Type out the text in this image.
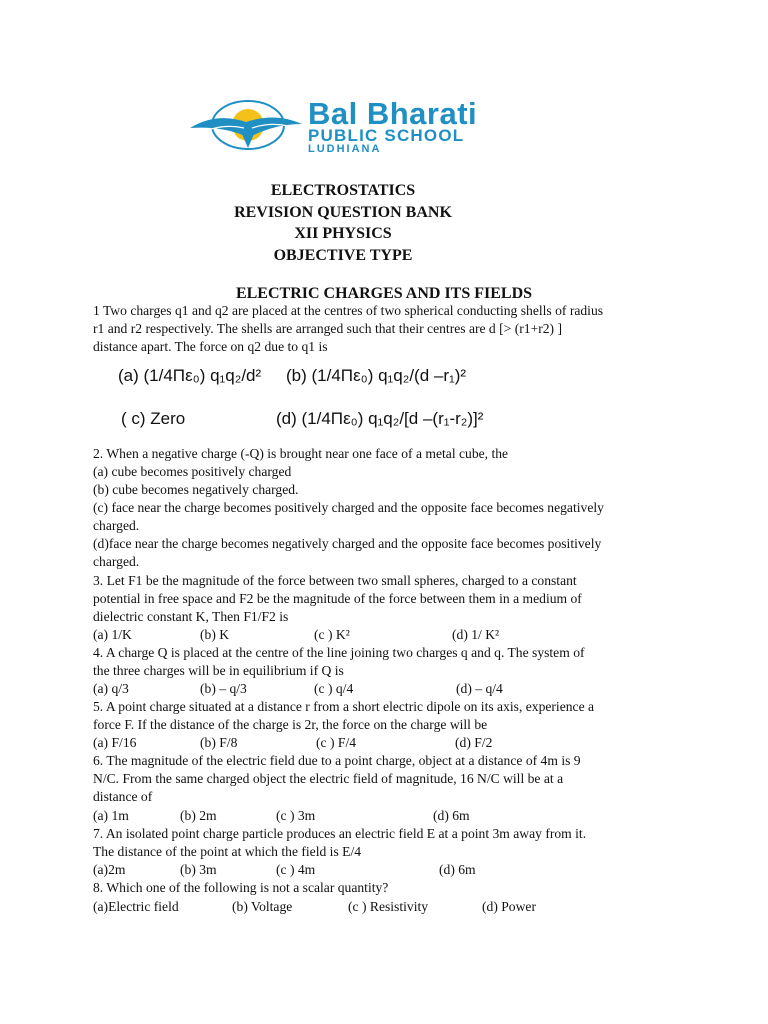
Bal Bharati
PUBLIC SCHOOL
LUDHIANA
ELECTROSTATICS
REVISION QUESTION BANK
XII PHYSICS
OBJECTIVE TYPE
ELECTRIC CHARGES AND ITS FIELDS
1 Two charges q1 and q2 are placed at the centres of two spherical conducting shells of radius
r1 and r2 respectively. The shells are arranged such that their centres are d [> (r1+r2) ]
distance apart. The force on q2 due to q1 is
(a) (1/4Πε₀) q₁q₂/d² (b) (1/4Πε₀) q₁q₂/(d –r₁)²
( c) Zero	(d) (1/4Πε₀) q₁q₂/[d –(r₁-r₂)]²
2. When a negative charge (-Q) is brought near one face of a metal cube, the
(a) cube becomes positively charged
(b) cube becomes negatively charged.
(c) face near the charge becomes positively charged and the opposite face becomes negatively
charged.
(d)face near the charge becomes negatively charged and the opposite face becomes positively
charged.
3. Let F1 be the magnitude of the force between two small spheres, charged to a constant
potential in free space and F2 be the magnitude of the force between them in a medium of
dielectric constant K, Then F1/F2 is
(a) 1/K	(b) K	(c ) K²	(d) 1/ K²
4. A charge Q is placed at the centre of the line joining two charges q and q. The system of
the three charges will be in equilibrium if Q is
(a) q/3	(b) – q/3	(c ) q/4	(d) – q/4
5. A point charge situated at a distance r from a short electric dipole on its axis, experience a
force F. If the distance of the charge is 2r, the force on the charge will be
(a) F/16	(b) F/8	(c ) F/4	(d) F/2
6. The magnitude of the electric field due to a point charge, object at a distance of 4m is 9
N/C. From the same charged object the electric field of magnitude, 16 N/C will be at a
distance of
(a) 1m	(b) 2m	(c ) 3m	(d) 6m
7. An isolated point charge particle produces an electric field E at a point 3m away from it.
The distance of the point at which the field is E/4
(a)2m	(b) 3m	(c ) 4m	(d) 6m
8. Which one of the following is not a scalar quantity?
(a)Electric field	(b) Voltage	(c ) Resistivity	(d) Power
